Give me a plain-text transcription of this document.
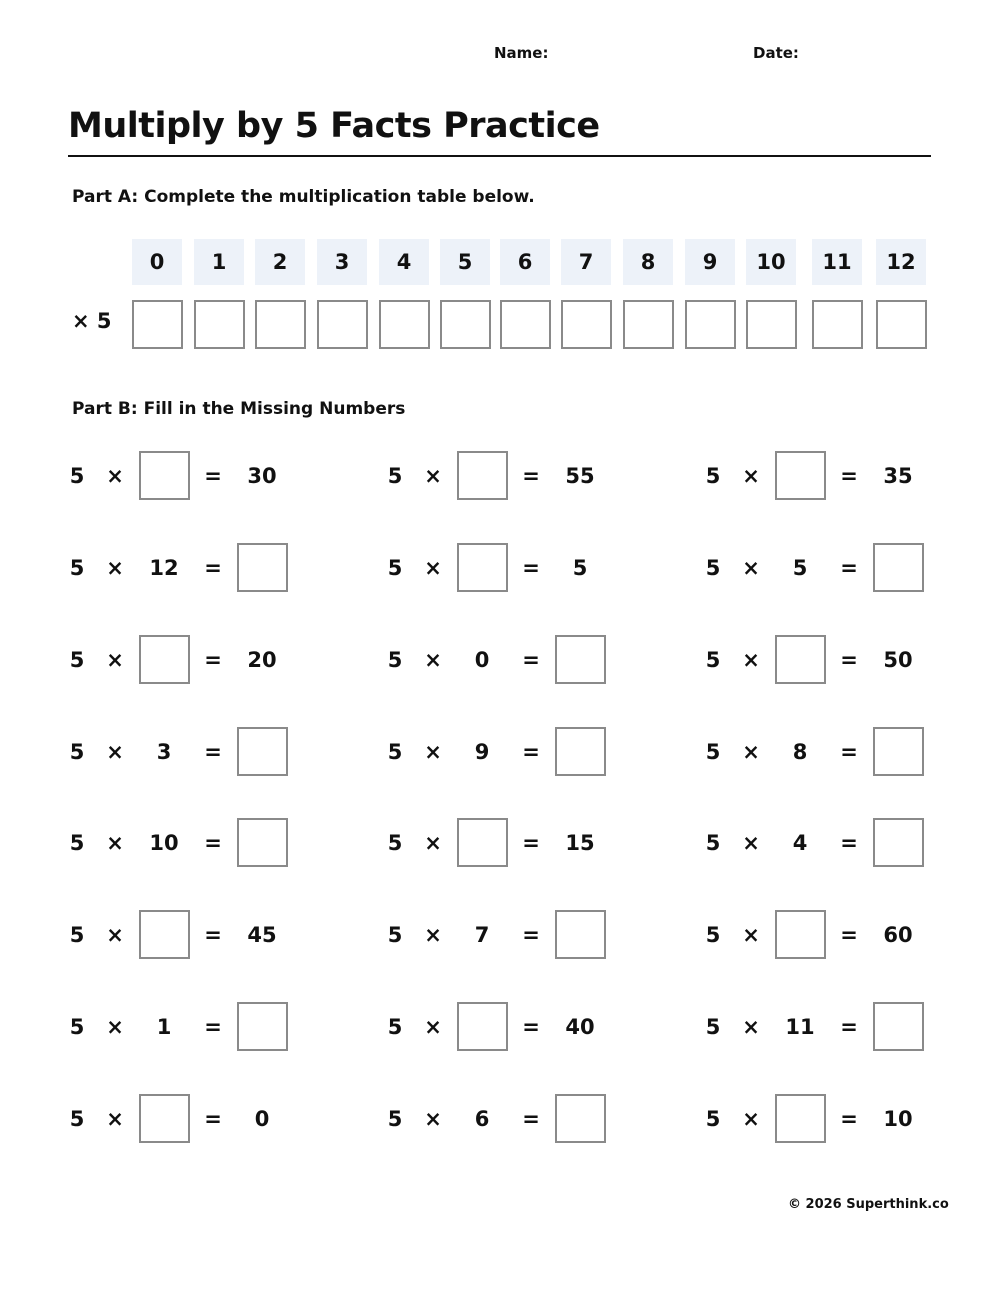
Name:	Date:
Multiply by 5 Facts Practice
Part A: Complete the multiplication table below.
× 5
0	1	2	3	4	5	6	7	8	9	10	11	12
Part B: Fill in the Missing Numbers
5 ×	= 30	5 ×	= 55	5 ×	= 35
5 × 12 =	5 ×	= 5	5 × 5 =
5 ×	= 20	5 × 0 =	5 ×	= 50
5 × 3 =	5 × 9 =	5 × 8 =
5 × 10 =	5 ×	= 15	5 × 4 =
5 ×	= 45	5 × 7 =	5 ×	= 60
5 × 1 =	5 ×	= 40	5 × 11 =
5 ×	= 0	5 × 6 =	5 ×	= 10
© 2026 Superthink.co
